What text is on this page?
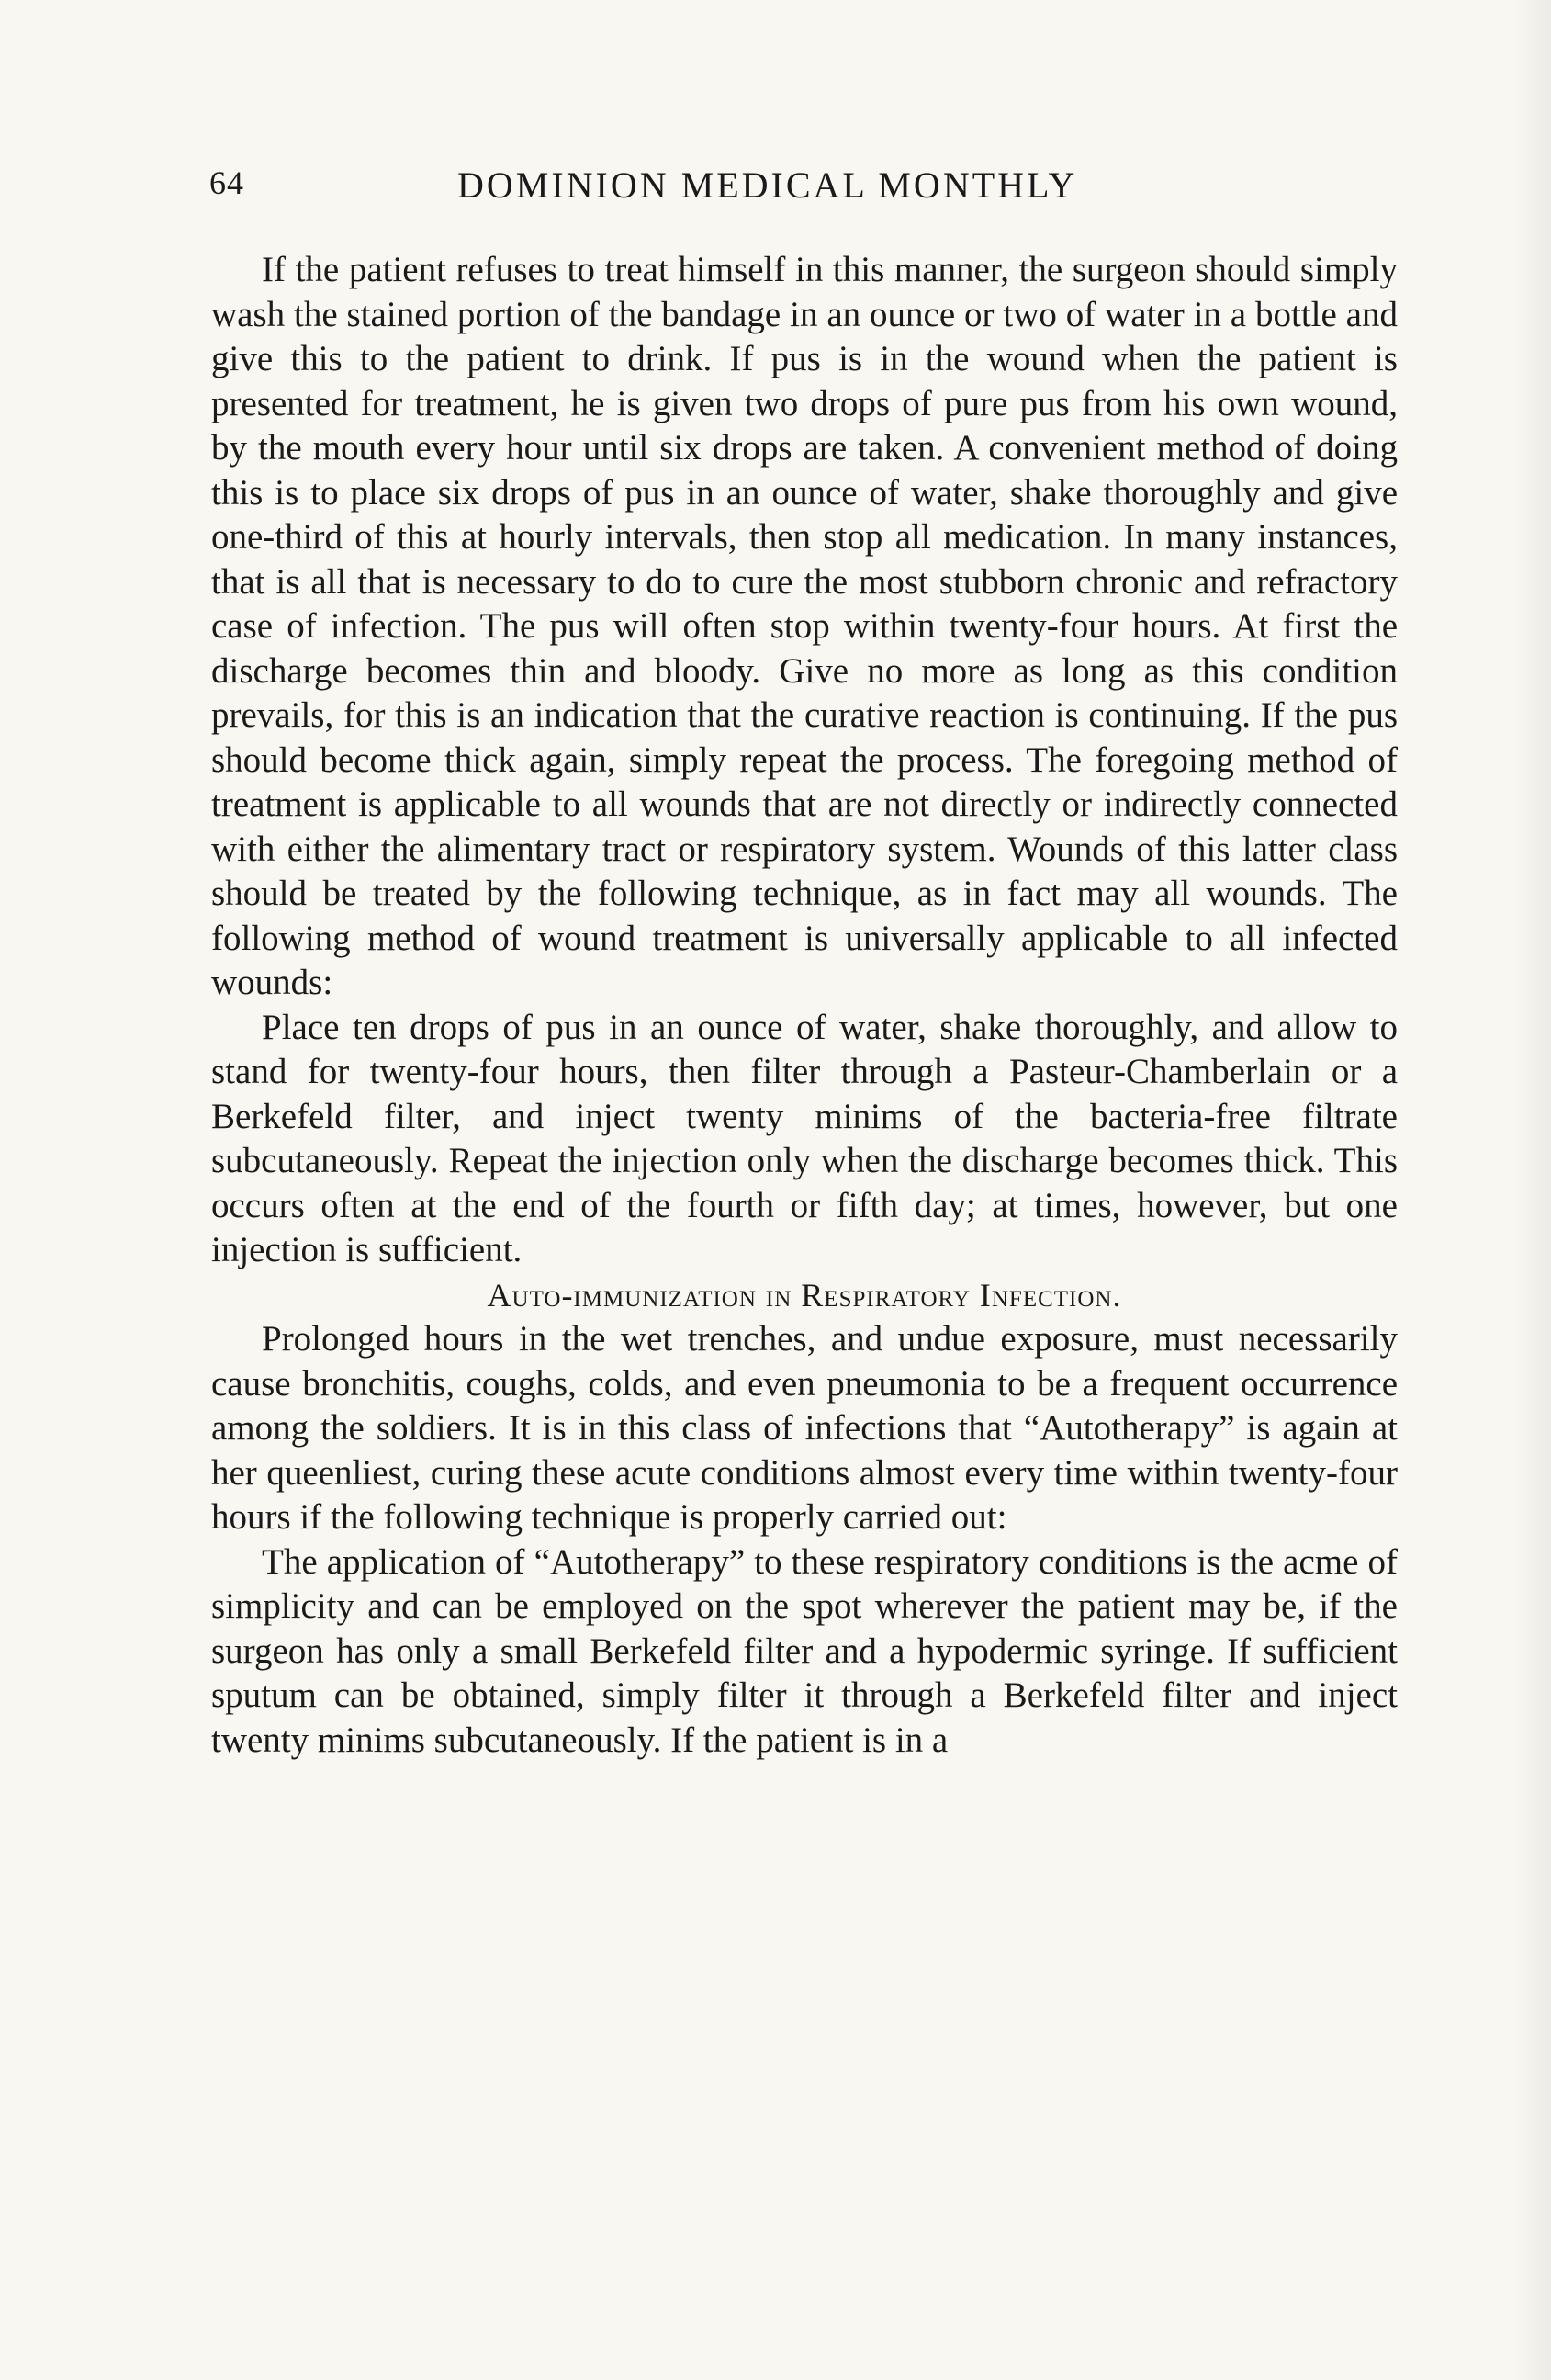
64	DOMINION MEDICAL MONTHLY

If the patient refuses to treat himself in this manner, the surgeon should simply wash the stained portion of the bandage in an ounce or two of water in a bottle and give this to the patient to drink. If pus is in the wound when the patient is presented for treatment, he is given two drops of pure pus from his own wound, by the mouth every hour until six drops are taken. A convenient method of doing this is to place six drops of pus in an ounce of water, shake thoroughly and give one-third of this at hourly intervals, then stop all medication. In many instances, that is all that is necessary to do to cure the most stubborn chronic and refractory case of infection. The pus will often stop within twenty-four hours. At first the discharge becomes thin and bloody. Give no more as long as this condition prevails, for this is an indication that the curative reaction is continuing. If the pus should become thick again, simply repeat the process. The foregoing method of treatment is applicable to all wounds that are not directly or indirectly connected with either the alimentary tract or respiratory system. Wounds of this latter class should be treated by the following technique, as in fact may all wounds. The following method of wound treatment is universally applicable to all infected wounds:

Place ten drops of pus in an ounce of water, shake thoroughly, and allow to stand for twenty-four hours, then filter through a Pasteur-Chamberlain or a Berkefeld filter, and inject twenty minims of the bacteria-free filtrate subcutaneously. Repeat the injection only when the discharge becomes thick. This occurs often at the end of the fourth or fifth day; at times, however, but one injection is sufficient.

Auto-immunization in Respiratory Infection.

Prolonged hours in the wet trenches, and undue exposure, must necessarily cause bronchitis, coughs, colds, and even pneumonia to be a frequent occurrence among the soldiers. It is in this class of infections that “Autotherapy” is again at her queenliest, curing these acute conditions almost every time within twenty-four hours if the following technique is properly carried out:

The application of “Autotherapy” to these respiratory conditions is the acme of simplicity and can be employed on the spot wherever the patient may be, if the surgeon has only a small Berkefeld filter and a hypodermic syringe. If sufficient sputum can be obtained, simply filter it through a Berkefeld filter and inject twenty minims subcutaneously. If the patient is in a
